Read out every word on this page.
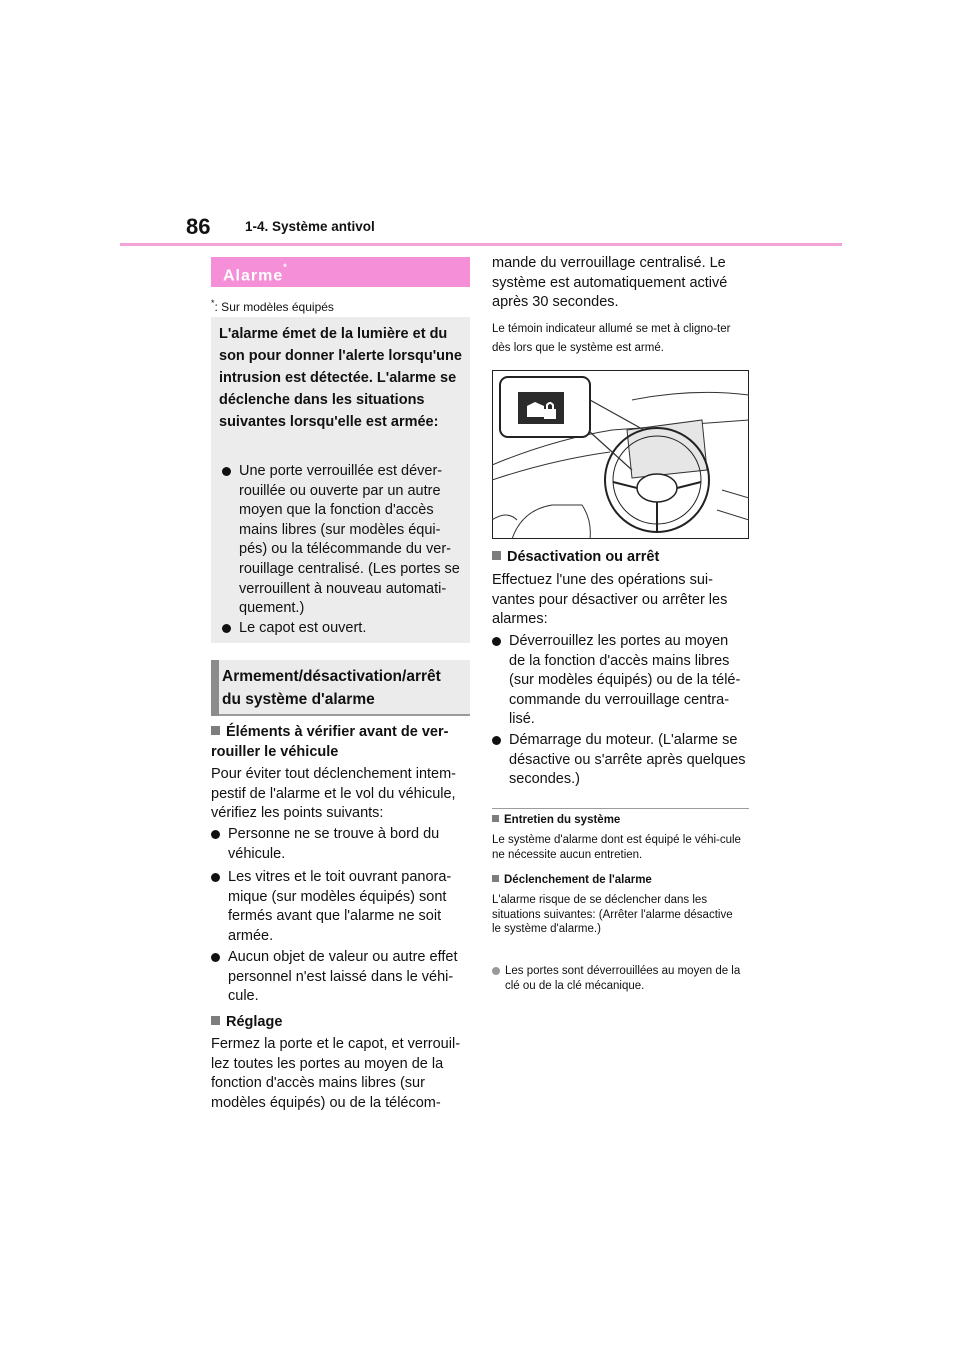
86	1-4. Système antivol
Alarme*
*: Sur modèles équipés

L'alarme émet de la lumière et du son pour donner l'alerte lorsqu'une intrusion est détectée. L'alarme se déclenche dans les situations suivantes lorsqu'elle est armée:

Une porte verrouillée est déver-rouillée ou ouverte par un autre moyen que la fonction d'accès mains libres (sur modèles équi-pés) ou la télécommande du ver-rouillage centralisé. (Les portes se verrouillent à nouveau automati-quement.)
Le capot est ouvert.

Armement/désactivation/arrêt du système d'alarme

Éléments à vérifier avant de ver-rouiller le véhicule

Pour éviter tout déclenchement intem-pestif de l'alarme et le vol du véhicule, vérifiez les points suivants:

Personne ne se trouve à bord du véhicule.
Les vitres et le toit ouvrant panora-mique (sur modèles équipés) sont fermés avant que l'alarme ne soit armée.
Aucun objet de valeur ou autre effet personnel n'est laissé dans le véhi-cule.
Réglage

Fermez la porte et le capot, et verrouil-lez toutes les portes au moyen de la fonction d'accès mains libres (sur modèles équipés) ou de la télécom-

mande du verrouillage centralisé. Le système est automatiquement activé après 30 secondes.

Le témoin indicateur allumé se met à cligno-ter dès lors que le système est armé.

Désactivation ou arrêt

Effectuez l'une des opérations sui-vantes pour désactiver ou arrêter les alarmes:

Déverrouillez les portes au moyen de la fonction d'accès mains libres (sur modèles équipés) ou de la télé-commande du verrouillage centra-lisé.
Démarrage du moteur. (L'alarme se désactive ou s'arrête après quelques secondes.)
Entretien du système

Le système d'alarme dont est équipé le véhi-cule ne nécessite aucun entretien.

Déclenchement de l'alarme

L'alarme risque de se déclencher dans les situations suivantes: (Arrêter l'alarme désactive le système d'alarme.)

Les portes sont déverrouillées au moyen de la clé ou de la clé mécanique.
